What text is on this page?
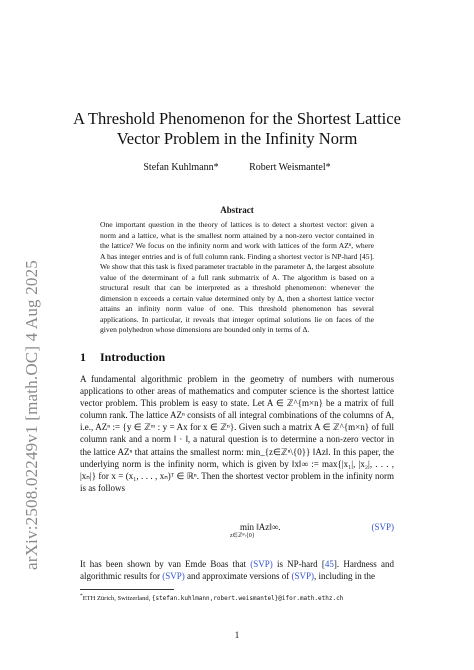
arXiv:2508.02249v1 [math.OC] 4 Aug 2025
A Threshold Phenomenon for the Shortest Lattice Vector Problem in the Infinity Norm
Stefan Kuhlmann*	Robert Weismantel*
Abstract
One important question in the theory of lattices is to detect a shortest vector: given a norm and a lattice, what is the smallest norm attained by a non-zero vector contained in the lattice? We focus on the infinity norm and work with lattices of the form AZⁿ, where A has integer entries and is of full column rank. Finding a shortest vector is NP-hard [45]. We show that this task is fixed parameter tractable in the parameter Δ, the largest absolute value of the determinant of a full rank submatrix of A. The algorithm is based on a structural result that can be interpreted as a threshold phenomenon: whenever the dimension n exceeds a certain value determined only by Δ, then a shortest lattice vector attains an infinity norm value of one. This threshold phenomenon has several applications. In particular, it reveals that integer optimal solutions lie on faces of the given polyhedron whose dimensions are bounded only in terms of Δ.
1 Introduction
A fundamental algorithmic problem in the geometry of numbers with numerous applications to other areas of mathematics and computer science is the shortest lattice vector problem. This problem is easy to state. Let A ∈ ℤ^{m×n} be a matrix of full column rank. The lattice AZⁿ consists of all integral combinations of the columns of A, i.e., AZⁿ := {y ∈ ℤᵐ : y = Ax for x ∈ ℤⁿ}. Given such a matrix A ∈ ℤ^{m×n} of full column rank and a norm ‖ · ‖, a natural question is to determine a non-zero vector in the lattice AZⁿ that attains the smallest norm: min_{z∈ℤⁿ\{0}} ‖Az‖. In this paper, the underlying norm is the infinity norm, which is given by ‖x‖∞ := max{|x₁|, |x₂|, . . . , |xₙ|} for x = (x₁, . . . , xₙ)ᵀ ∈ ℝⁿ. Then the shortest vector problem in the infinity norm is as follows
z∈ℤⁿ\{0}
min ‖Az‖∞.	(SVP)
It has been shown by van Emde Boas that (SVP) is NP-hard [45]. Hardness and algorithmic results for (SVP) and approximate versions of (SVP), including in the
*ETH Zürich, Switzerland, {stefan.kuhlmann,robert.weismantel}@ifor.math.ethz.ch
1
